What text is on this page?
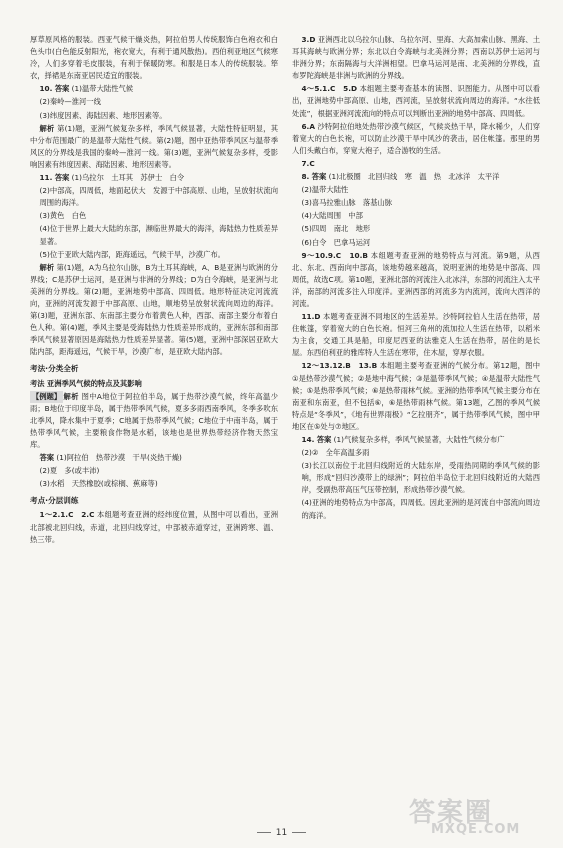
厚草原风格的服装。西亚气候干燥炎热，阿拉伯男人传统服饰白色袍衣和白色头巾(白色能反射阳光，袍衣宽大，有利于通风散热)。西伯利亚地区气候寒冷，人们多穿着毛皮服装，有利于保暖防寒。和服是日本人的传统服装。筚衣，择裙是东南亚居民适宜的服装。

10. 答案 (1)温带大陆性气候

(2)秦岭—淮河一线

(3)纬度因素、海陆因素、地形因素等。

解析 第(1)题，亚洲气候复杂多样，季风气候显著，大陆性特征明显，其中分布范围最广的是温带大陆性气候。第(2)题，图中亚热带季风区与温带季风区的分界线是我国的秦岭—淮河一线。第(3)题，亚洲气候复杂多样，受影响因素有纬度因素、海陆因素、地形因素等。

11. 答案 (1)乌拉尔　土耳其　苏伊士　白令

(2)中部高，四周低，地面起伏大　发源于中部高原、山地，呈放射状流向周围的海洋。

(3)黄色　白色

(4)位于世界上最大大陆的东部，濒临世界最大的海洋，海陆热力性质差异显著。

(5)位于亚欧大陆内部，距海遥远，气候干旱，沙漠广布。

解析 第(1)题，A为乌拉尔山脉，B为土耳其海峡，A、B是亚洲与欧洲的分界线；C是苏伊士运河，是亚洲与非洲的分界线；D为白令海峡，是亚洲与北美洲的分界线。第(2)题，亚洲地势中部高、四周低。地形特征决定河流流向，亚洲的河流发源于中部高原、山地，顺地势呈放射状流向周边的海洋。第(3)题，亚洲东部、东南部主要分布着黄色人种，西部、南部主要分布着白色人种。第(4)题，季风主要是受海陆热力性质差异形成的，亚洲东部和南部季风气候显著原因是海陆热力性质差异显著。第(5)题，亚洲中部深居亚欧大陆内部，距海遥远，气候干旱，沙漠广布，是亚欧大陆内部。

考法·分类全析

考法 亚洲季风气候的特点及其影响

【例题】 解析 图中A地位于阿拉伯半岛，属于热带沙漠气候，终年高温少雨；B地位于印度半岛，属于热带季风气候，夏多多雨西南季风，冬季多吹东北季风，降水集中于夏季；C地属于热带季风气候；C地位于中南半岛，属于热带季风气候，主要粮食作物是水稻，该地也是世界热带经济作物天然宝库。

答案 (1)阿拉伯　热带沙漠　干旱(炎热干燥)

(2)夏　多(或丰沛)

(3)水稻　天然橡胶(或棕榈、蕉麻等)

考点·分层训练

1～2.1.C　2.C 本组题考查亚洲的经纬度位置，从图中可以看出，亚洲北部被北回归线，赤道，北回归线穿过，中部被赤道穿过，亚洲跨寒、温、热三带。

3.D 亚洲西北以乌拉尔山脉、乌拉尔河、里海、大高加索山脉、黑海、土耳其海峡与欧洲分界；东北以白令海峡与北美洲分界；西南以苏伊士运河与非洲分界；东南隔海与大洋洲相望。巴拿马运河是南、北美洲的分界线，直布罗陀海峡是非洲与欧洲的分界线。

4～5.1.C　5.D 本组题主要考查基本的读图、识图能力。从图中可以看出，亚洲地势中部高原、山地，西河流，呈放射状流向周边的海洋。“水往低处流”，根据亚洲河流流向的特点可以判断出亚洲的地势中部高、四周低。

6.A 沙特阿拉伯地处热带沙漠气候区，气候炎热干旱，降水稀少，人们穿着宽大的白色长袍，可以防止沙漠干旱中风沙的袭击，居住帐篷。那里的男人们头戴白布，穿宽大袍子，适合游牧的生活。

7.C

8. 答案 (1)北极圈　北回归线　寒　温　热　北冰洋　太平洋

(2)温带大陆性

(3)喜马拉雅山脉　落基山脉

(4)大陆周围　中部

(5)四周　南北　地形

(6)白令　巴拿马运河

9～10.9.C　10.B 本组题考查亚洲的地势特点与河流。第9题，从西北、东北、西南向中部高，该地势越来越高，说明亚洲的地势是中部高、四周低，故选C项。第10题，亚洲北部的河流注入北冰洋，东部的河流注入太平洋，南部的河流多注入印度洋。亚洲西部的河流多为内流河，流向大西洋的河流。

11.D 本题考查亚洲不同地区的生活差异。沙特阿拉伯人生活在热带，居住帐篷，穿着宽大的白色长袍。恒河三角州的流加拉人生活在热带，以稻米为主食，交通工具是船，印度尼西亚的法雅克人生活在热带，居住的是长屋。东西伯利亚的雅库特人生活在寒带，住木屋，穿厚衣服。

12～13.12.B　13.B 本组题主要考查亚洲的气候分布。第12题，图中①是热带沙漠气候；②是地中海气候；③是温带季风气候；④是温带大陆性气候；⑤是热带季风气候；⑥是热带雨林气候。亚洲的热带季风气候主要分布在南亚和东南亚，但不包括⑥，⑥是热带雨林气候。第13题，乙图的季风气候特点是“冬季风”，《地有世界雨极》“乞拉朋齐”，属于热带季风气候，图中甲地区在⑤处与⑦地区。

14. 答案 (1)气候复杂多样，季风气候显著，大陆性气候分布广

(2)②　全年高温多雨

(3)长江以南位于北回归线附近的大陆东岸，受雨热同期的季风气候的影响，形成“回归沙漠带上的绿洲”；阿拉伯半岛位于北回归线附近的大陆西岸，受副热带高压气压带控制，形成热带沙漠气候。

(4)亚洲的地势特点为中部高，四周低。因此亚洲的是河流自中部流向周边的海洋。

11
答案圈
MXQE.COM
